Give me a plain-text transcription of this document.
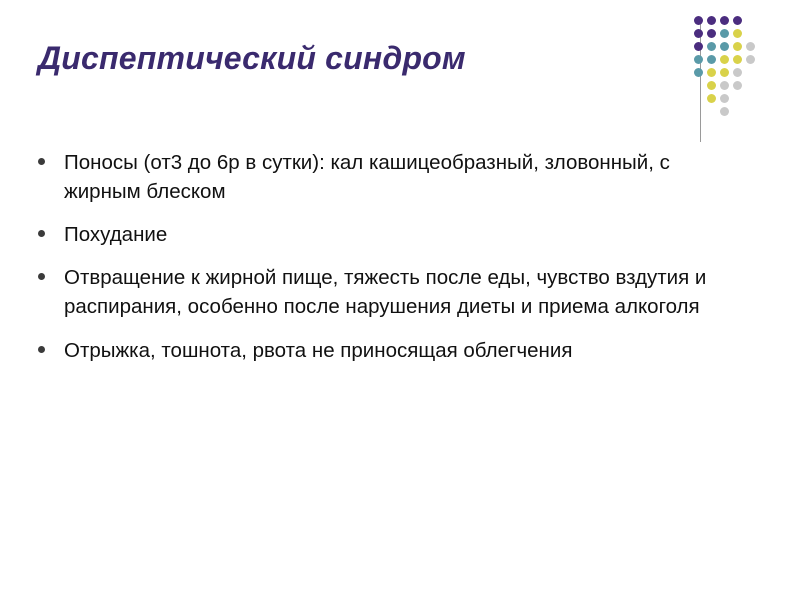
Диспептический синдром
Поносы (от3 до 6р в сутки): кал кашицеобразный, зловонный, с жирным блеском
Похудание
Отвращение к жирной пище, тяжесть после еды, чувство вздутия и распирания, особенно после нарушения диеты и приема алкоголя
Отрыжка, тошнота, рвота не приносящая облегчения
